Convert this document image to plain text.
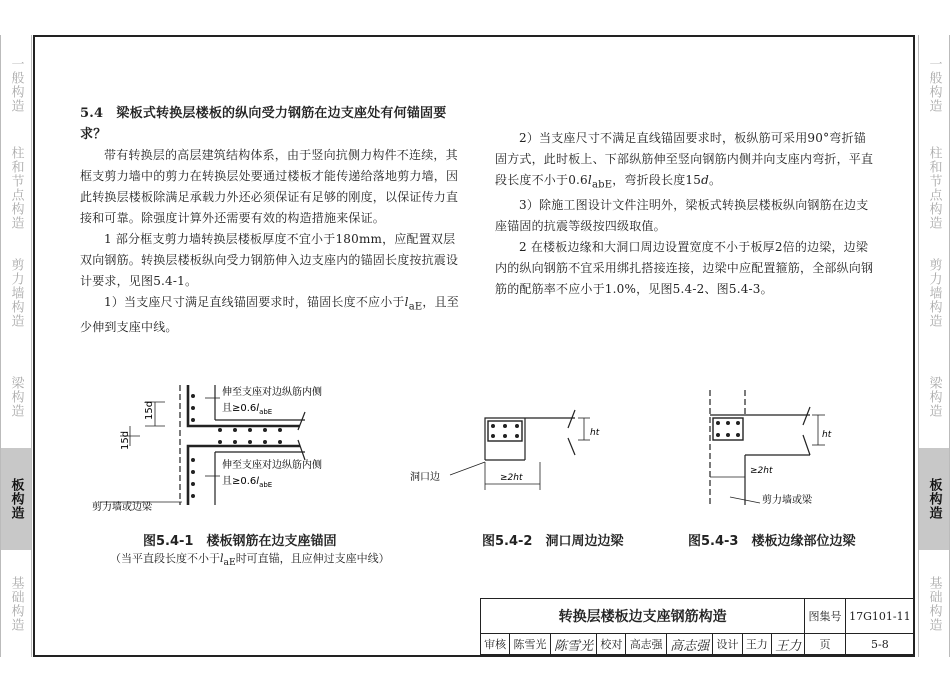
一般构造
柱和节点构造
剪力墙构造
梁构造
板构造
基础构造
一般构造
柱和节点构造
剪力墙构造
梁构造
板构造
基础构造

5.4　梁板式转换层楼板的纵向受力钢筋在边支座处有何锚固要求？

带有转换层的高层建筑结构体系，由于竖向抗侧力构件不连续，其框支剪力墙中的剪力在转换层处要通过楼板才能传递给落地剪力墙，因此转换层楼板除满足承载力外还必须保证有足够的刚度，以保证传力直接和可靠。除强度计算外还需要有效的构造措施来保证。

1 部分框支剪力墙转换层楼板厚度不宜小于180mm，应配置双层双向钢筋。转换层楼板纵向受力钢筋伸入边支座内的锚固长度按抗震设计要求，见图5.4-1。

1）当支座尺寸满足直线锚固要求时，锚固长度不应小于$l_{aE}$，且至少伸到支座中线。

2）当支座尺寸不满足直线锚固要求时，板纵筋可采用90°弯折锚固方式，此时板上、下部纵筋伸至竖向钢筋内侧并向支座内弯折，平直段长度不小于$0.6l_{abE}$，弯折段长度15d。

3）除施工图设计文件注明外，梁板式转换层楼板纵向钢筋在边支座锚固的抗震等级按四级取值。

2 在楼板边缘和大洞口周边设置宽度不小于板厚2倍的边梁，边梁内的纵向钢筋不宜采用绑扎搭接连接，边梁中应配置箍筋，全部纵向钢筋的配筋率不应小于1.0%，见图5.4-2、图5.4-3。

15d
15d
伸至支座对边纵筋内侧
且$\ge 0.6l_{abE}$
伸至支座对边纵筋内侧
且$\ge 0.6l_{abE}$
剪力墙或边梁
图5.4-1　楼板钢筋在边支座锚固
（当平直段长度不小于$l_{aE}$时可直锚，且应伸过支座中线）
ht
≥2ht
洞口边
图5.4-2　洞口周边边梁
ht
≥2ht
剪力墙或梁
图5.4-3　楼板边缘部位边梁
转换层楼板边支座钢筋构造									图集号	17G101-11
审核	陈雪光	陈雪光	校对	高志强	高志强	设计	王力	王力	页	5-8
